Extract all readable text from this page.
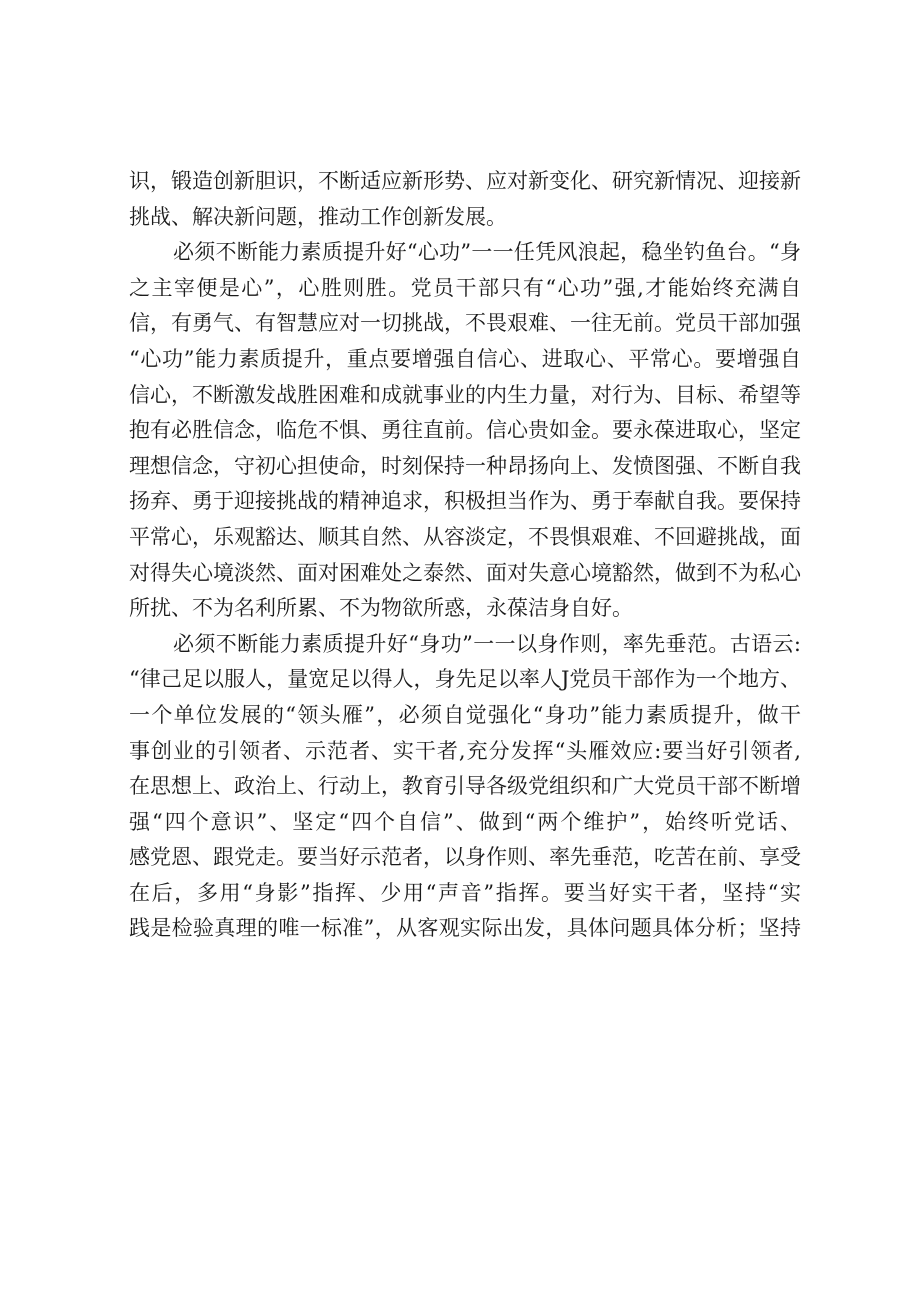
识，锻造创新胆识，不断适应新形势、应对新变化、研究新情况、迎接新
挑战、解决新问题，推动工作创新发展。
必须不断能力素质提升好“心功”一一任凭风浪起，稳坐钓鱼台。“身
之主宰便是心”，心胜则胜。党员干部只有“心功”强,才能始终充满自
信，有勇气、有智慧应对一切挑战，不畏艰难、一往无前。党员干部加强
“心功”能力素质提升，重点要增强自信心、进取心、平常心。要增强自
信心，不断激发战胜困难和成就事业的内生力量，对行为、目标、希望等
抱有必胜信念，临危不惧、勇往直前。信心贵如金。要永葆进取心，坚定
理想信念，守初心担使命，时刻保持一种昂扬向上、发愤图强、不断自我
扬弃、勇于迎接挑战的精神追求，积极担当作为、勇于奉献自我。要保持
平常心，乐观豁达、顺其自然、从容淡定，不畏惧艰难、不回避挑战，面
对得失心境淡然、面对困难处之泰然、面对失意心境豁然，做到不为私心
所扰、不为名利所累、不为物欲所惑，永葆洁身自好。
必须不断能力素质提升好“身功”一一以身作则，率先垂范。古语云:
“律己足以服人，量宽足以得人，身先足以率人J党员干部作为一个地方、
一个单位发展的“领头雁”，必须自觉强化“身功”能力素质提升，做干
事创业的引领者、示范者、实干者,充分发挥“头雁效应:要当好引领者,
在思想上、政治上、行动上，教育引导各级党组织和广大党员干部不断增
强“四个意识”、坚定“四个自信”、做到“两个维护”，始终听党话、
感党恩、跟党走。要当好示范者，以身作则、率先垂范，吃苦在前、享受
在后，多用“身影”指挥、少用“声音”指挥。要当好实干者，坚持“实
践是检验真理的唯一标准”，从客观实际出发，具体问题具体分析；坚持
